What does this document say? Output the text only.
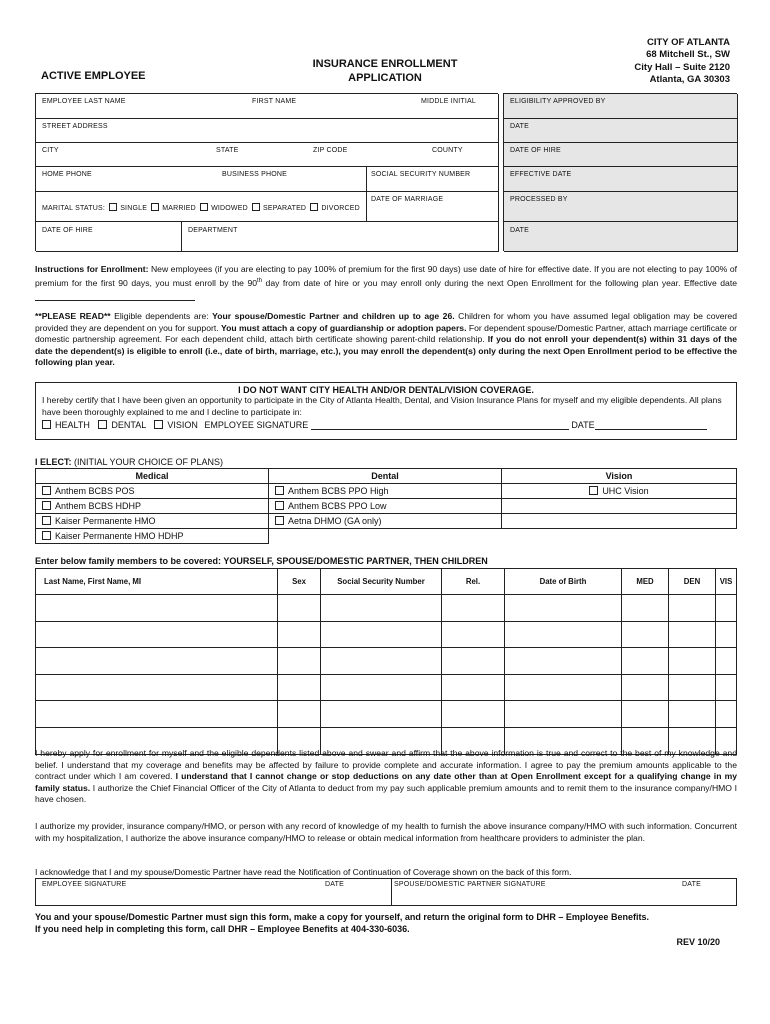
ACTIVE EMPLOYEE
INSURANCE ENROLLMENT
APPLICATION
CITY OF ATLANTA
68 Mitchell St., SW
City Hall – Suite 2120
Atlanta, GA 30303
EMPLOYEE LAST NAME	FIRST NAME	MIDDLE INITIAL
STREET ADDRESS
CITY	STATE	ZIP CODE	COUNTY
HOME PHONE	BUSINESS PHONE	SOCIAL SECURITY NUMBER
MARITAL STATUS: SINGLE MARRIED WIDOWED SEPARATED DIVORCED
DATE OF MARRIAGE
DATE OF HIRE	DEPARTMENT
ELIGIBILITY APPROVED BY
DATE
DATE OF HIRE
EFFECTIVE DATE
PROCESSED BY
DATE
Instructions for Enrollment: New employees (if you are electing to pay 100% of premium for the first 90 days) use date of hire for effective date. If you are not electing to pay 100% of premium for the first 90 days, you must enroll by the 90th day from date of hire or you may enroll only during the next Open Enrollment for the following plan year. Effective date
**PLEASE READ** Eligible dependents are: Your spouse/Domestic Partner and children up to age 26. Children for whom you have assumed legal obligation may be covered provided they are dependent on you for support. You must attach a copy of guardianship or adoption papers. For dependent spouse/Domestic Partner, attach marriage certificate or domestic partnership agreement. For each dependent child, attach birth certificate showing parent-child relationship. If you do not enroll your dependent(s) within 31 days of the date the dependent(s) is eligible to enroll (i.e., date of birth, marriage, etc.), you may enroll the dependent(s) only during the next Open Enrollment period to be effective the following plan year.
I DO NOT WANT CITY HEALTH AND/OR DENTAL/VISION COVERAGE.
I hereby certify that I have been given an opportunity to participate in the City of Atlanta Health, Dental, and Vision Insurance Plans for myself and my eligible dependents. All plans have been thoroughly explained to me and I decline to participate in:
HEALTH DENTAL VISION EMPLOYEE SIGNATURE	DATE
I ELECT: (INITIAL YOUR CHOICE OF PLANS)
Medical	Dental	Vision
Anthem BCBS POS	Anthem BCBS PPO High	UHC Vision
Anthem BCBS HDHP	Anthem BCBS PPO Low	
Kaiser Permanente HMO	Aetna DHMO (GA only)	
Kaiser Permanente HMO HDHP		
Enter below family members to be covered: YOURSELF, SPOUSE/DOMESTIC PARTNER, THEN CHILDREN
Last Name, First Name, MI	Sex	Social Security Number	Rel.	Date of Birth	MED	DEN	VIS

I hereby apply for enrollment for myself and the eligible dependents listed above and swear and affirm that the above information is true and correct to the best of my knowledge and belief. I understand that my coverage and benefits may be affected by failure to provide complete and accurate information. I agree to pay the premium amounts applicable to the contract under which I am covered. I understand that I cannot change or stop deductions on any date other than at Open Enrollment except for a qualifying change in my family status. I authorize the Chief Financial Officer of the City of Atlanta to deduct from my pay such applicable premium amounts and to remit them to the insurance company/HMO I have chosen.
I authorize my provider, insurance company/HMO, or person with any record of knowledge of my health to furnish the above insurance company/HMO with such information. Concurrent with my hospitalization, I authorize the above insurance company/HMO to release or obtain medical information from healthcare providers to administer the plan.
I acknowledge that I and my spouse/Domestic Partner have read the Notification of Continuation of Coverage shown on the back of this form.
EMPLOYEE SIGNATURE	DATE	SPOUSE/DOMESTIC PARTNER SIGNATURE	DATE
You and your spouse/Domestic Partner must sign this form, make a copy for yourself, and return the original form to DHR – Employee Benefits.
If you need help in completing this form, call DHR – Employee Benefits at 404-330-6036.
REV 10/20
